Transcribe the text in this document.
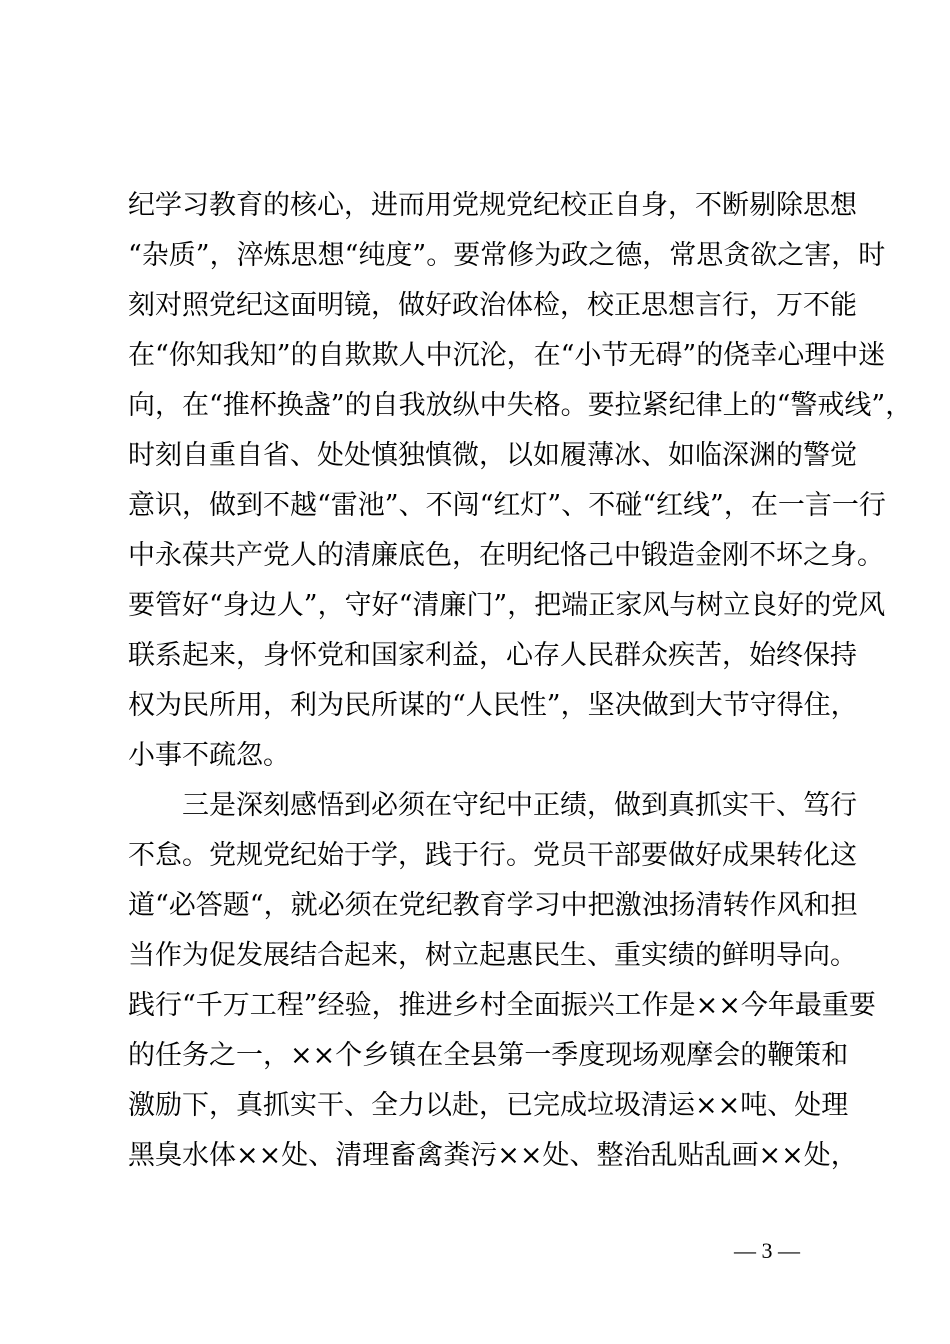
纪学习教育的核心，进而用党规党纪校正自身，不断剔除思想
“杂质”，淬炼思想“纯度”。要常修为政之德，常思贪欲之害，时
刻对照党纪这面明镜，做好政治体检，校正思想言行，万不能
在“你知我知”的自欺欺人中沉沦，在“小节无碍”的侥幸心理中迷
向，在“推杯换盏”的自我放纵中失格。要拉紧纪律上的“警戒线”，
时刻自重自省、处处慎独慎微，以如履薄冰、如临深渊的警觉
意识，做到不越“雷池”、不闯“红灯”、不碰“红线”，在一言一行
中永葆共产党人的清廉底色，在明纪恪己中锻造金刚不坏之身。
要管好“身边人”，守好“清廉门”，把端正家风与树立良好的党风
联系起来，身怀党和国家利益，心存人民群众疾苦，始终保持
权为民所用，利为民所谋的“人民性”，坚决做到大节守得住，
小事不疏忽。
　　三是深刻感悟到必须在守纪中正绩，做到真抓实干、笃行
不怠。党规党纪始于学，践于行。党员干部要做好成果转化这
道“必答题“，就必须在党纪教育学习中把激浊扬清转作风和担
当作为促发展结合起来，树立起惠民生、重实绩的鲜明导向。
践行“千万工程”经验，推进乡村全面振兴工作是××今年最重要
的任务之一，××个乡镇在全县第一季度现场观摩会的鞭策和
激励下，真抓实干、全力以赴，已完成垃圾清运××吨、处理
黑臭水体××处、清理畜禽粪污××处、整治乱贴乱画××处，
— 3 —
